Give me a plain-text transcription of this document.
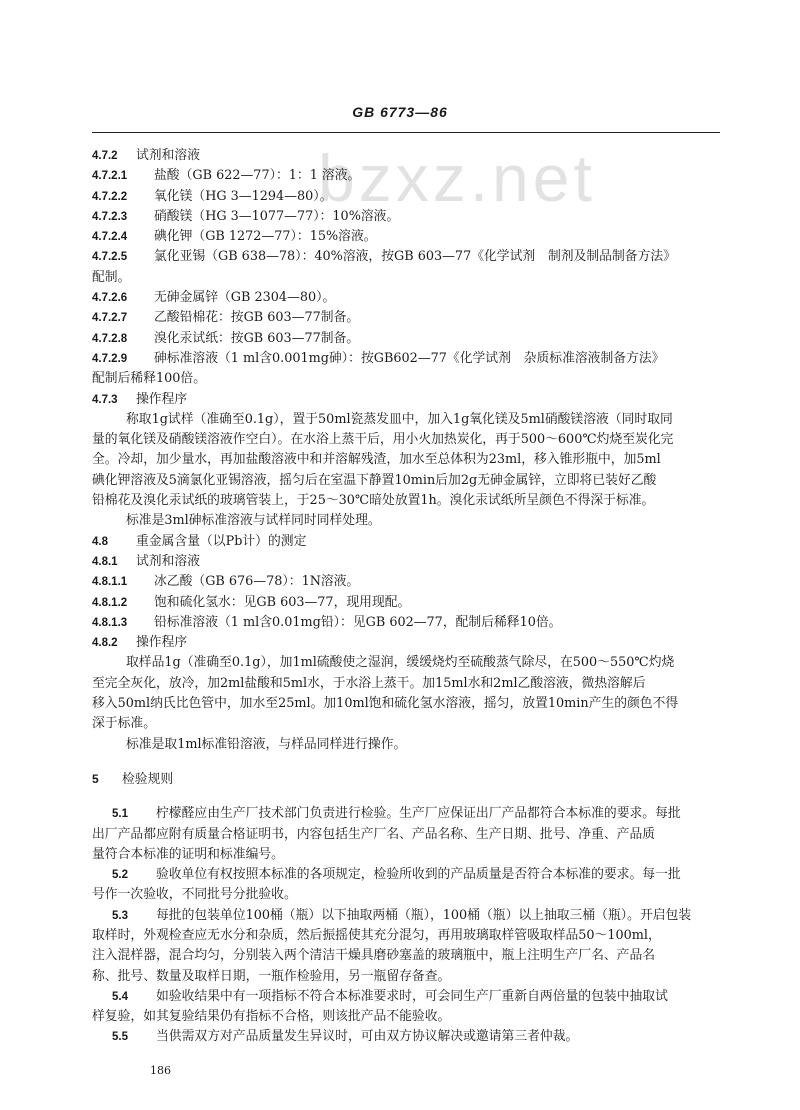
GB 6773—86
bzxz.net
4.7.2 试剂和溶液
4.7.2.1 盐酸（GB 622—77）：1：1 溶液。
4.7.2.2 氧化镁（HG 3—1294—80）。
4.7.2.3 硝酸镁（HG 3—1077—77）：10%溶液。
4.7.2.4 碘化钾（GB 1272—77）：15%溶液。
4.7.2.5 氯化亚锡（GB 638—78）：40%溶液，按GB 603—77《化学试剂　制剂及制品制备方法》
配制。
4.7.2.6 无砷金属锌（GB 2304—80）。
4.7.2.7 乙酸铅棉花：按GB 603—77制备。
4.7.2.8 溴化汞试纸：按GB 603—77制备。
4.7.2.9 砷标准溶液（1 ml含0.001mg砷）：按GB602—77《化学试剂　杂质标准溶液制备方法》
配制后稀释100倍。
4.7.3 操作程序
称取1g试样（准确至0.1g），置于50ml瓷蒸发皿中，加入1g氧化镁及5ml硝酸镁溶液（同时取同
量的氧化镁及硝酸镁溶液作空白）。在水浴上蒸干后，用小火加热炭化，再于500～600℃灼烧至炭化完
全。冷却，加少量水，再加盐酸溶液中和并溶解残渣，加水至总体积为23ml，移入锥形瓶中，加5ml
碘化钾溶液及5滴氯化亚锡溶液，摇匀后在室温下静置10min后加2g无砷金属锌，立即将已装好乙酸
铅棉花及溴化汞试纸的玻璃管装上，于25～30℃暗处放置1h。溴化汞试纸所呈颜色不得深于标准。
标准是3ml砷标准溶液与试样同时同样处理。
4.8 重金属含量（以Pb计）的测定
4.8.1 试剂和溶液
4.8.1.1 冰乙酸（GB 676—78）：1N溶液。
4.8.1.2 饱和硫化氢水：见GB 603—77，现用现配。
4.8.1.3 铅标准溶液（1 ml含0.01mg铅）：见GB 602—77，配制后稀释10倍。
4.8.2 操作程序
取样品1g（准确至0.1g），加1ml硫酸使之湿润，缓缓烧灼至硫酸蒸气除尽，在500～550℃灼烧
至完全灰化，放冷，加2ml盐酸和5ml水，于水浴上蒸干。加15ml水和2ml乙酸溶液，微热溶解后
移入50ml纳氏比色管中，加水至25ml。加10ml饱和硫化氢水溶液，摇匀，放置10min产生的颜色不得
深于标准。
标准是取1ml标准铅溶液，与样品同样进行操作。
5 检验规则
5.1 柠檬醛应由生产厂技术部门负责进行检验。生产厂应保证出厂产品都符合本标准的要求。每批
出厂产品都应附有质量合格证明书，内容包括生产厂名、产品名称、生产日期、批号、净重、产品质
量符合本标准的证明和标准编号。
5.2 验收单位有权按照本标准的各项规定，检验所收到的产品质量是否符合本标准的要求。每一批
号作一次验收，不同批号分批验收。
5.3 每批的包装单位100桶（瓶）以下抽取两桶（瓶），100桶（瓶）以上抽取三桶（瓶）。开启包装
取样时，外观检查应无水分和杂质，然后振摇使其充分混匀，再用玻璃取样管吸取样品50～100ml，
注入混样器，混合均匀，分别装入两个清洁干燥具磨砂塞盖的玻璃瓶中，瓶上注明生产厂名、产品名
称、批号、数量及取样日期，一瓶作检验用，另一瓶留存备查。
5.4 如验收结果中有一项指标不符合本标准要求时，可会同生产厂重新自两倍量的包装中抽取试
样复验，如其复验结果仍有指标不合格，则该批产品不能验收。
5.5 当供需双方对产品质量发生异议时，可由双方协议解决或邀请第三者仲裁。
186
